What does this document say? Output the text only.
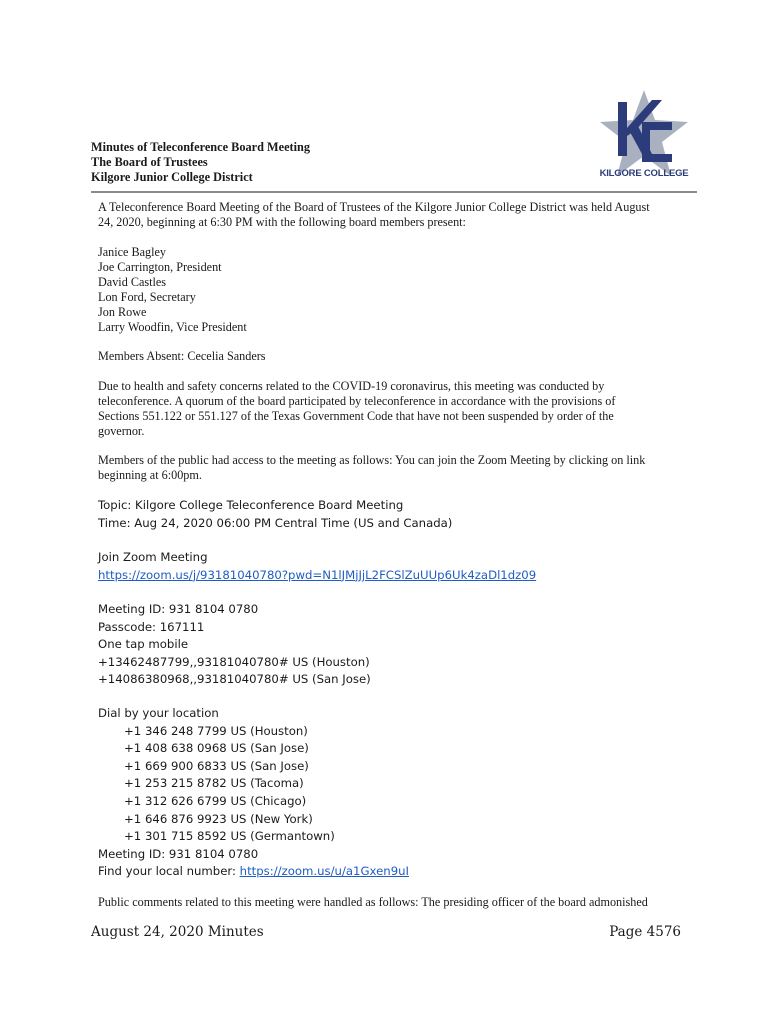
KILGORE COLLEGE
Minutes of Teleconference Board Meeting
The Board of Trustees
Kilgore Junior College District
A Teleconference Board Meeting of the Board of Trustees of the Kilgore Junior College District was held August
24, 2020, beginning at 6:30 PM with the following board members present:
Janice Bagley
Joe Carrington, President
David Castles
Lon Ford, Secretary
Jon Rowe
Larry Woodfin, Vice President
Members Absent: Cecelia Sanders
Due to health and safety concerns related to the COVID-19 coronavirus, this meeting was conducted by
teleconference. A quorum of the board participated by teleconference in accordance with the provisions of
Sections 551.122 or 551.127 of the Texas Government Code that have not been suspended by order of the
governor.
Members of the public had access to the meeting as follows: You can join the Zoom Meeting by clicking on link
beginning at 6:00pm.
Topic: Kilgore College Teleconference Board Meeting
Time: Aug 24, 2020 06:00 PM Central Time (US and Canada)
Join Zoom Meeting
https://zoom.us/j/93181040780?pwd=N1lJMjJjL2FCSlZuUUp6Uk4zaDl1dz09
Meeting ID: 931 8104 0780
Passcode: 167111
One tap mobile
+13462487799,,93181040780# US (Houston)
+14086380968,,93181040780# US (San Jose)
Dial by your location
+1 346 248 7799 US (Houston)
+1 408 638 0968 US (San Jose)
+1 669 900 6833 US (San Jose)
+1 253 215 8782 US (Tacoma)
+1 312 626 6799 US (Chicago)
+1 646 876 9923 US (New York)
+1 301 715 8592 US (Germantown)
Meeting ID: 931 8104 0780
Find your local number: https://zoom.us/u/a1Gxen9uI
Public comments related to this meeting were handled as follows: The presiding officer of the board admonished
August 24, 2020 Minutes	Page 4576
